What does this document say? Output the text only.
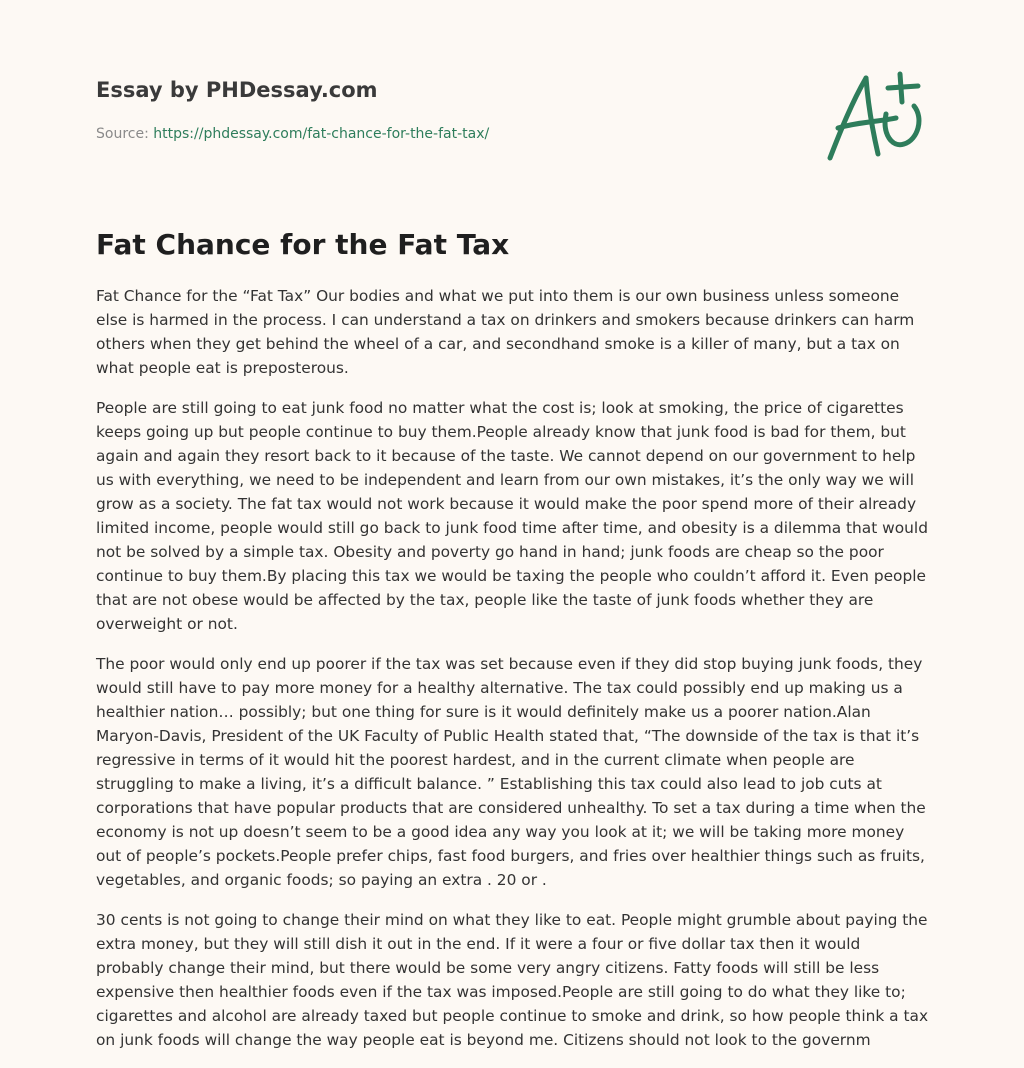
Essay by PHDessay.com
Source: https://phdessay.com/fat-chance-for-the-fat-tax/
Fat Chance for the Fat Tax

Fat Chance for the “Fat Tax” Our bodies and what we put into them is our own business unless someone else is harmed in the process. I can understand a tax on drinkers and smokers because drinkers can harm others when they get behind the wheel of a car, and secondhand smoke is a killer of many, but a tax on what people eat is preposterous.

People are still going to eat junk food no matter what the cost is; look at smoking, the price of cigarettes keeps going up but people continue to buy them.People already know that junk food is bad for them, but again and again they resort back to it because of the taste. We cannot depend on our government to help us with everything, we need to be independent and learn from our own mistakes, it’s the only way we will grow as a society. The fat tax would not work because it would make the poor spend more of their already limited income, people would still go back to junk food time after time, and obesity is a dilemma that would not be solved by a simple tax. Obesity and poverty go hand in hand; junk foods are cheap so the poor continue to buy them.By placing this tax we would be taxing the people who couldn’t afford it. Even people that are not obese would be affected by the tax, people like the taste of junk foods whether they are overweight or not.

The poor would only end up poorer if the tax was set because even if they did stop buying junk foods, they would still have to pay more money for a healthy alternative. The tax could possibly end up making us a healthier nation… possibly; but one thing for sure is it would definitely make us a poorer nation.Alan Maryon-Davis, President of the UK Faculty of Public Health stated that, “The downside of the tax is that it’s regressive in terms of it would hit the poorest hardest, and in the current climate when people are struggling to make a living, it’s a difficult balance. ” Establishing this tax could also lead to job cuts at corporations that have popular products that are considered unhealthy. To set a tax during a time when the economy is not up doesn’t seem to be a good idea any way you look at it; we will be taking more money out of people’s pockets.People prefer chips, fast food burgers, and fries over healthier things such as fruits, vegetables, and organic foods; so paying an extra . 20 or .

30 cents is not going to change their mind on what they like to eat. People might grumble about paying the extra money, but they will still dish it out in the end. If it were a four or five dollar tax then it would probably change their mind, but there would be some very angry citizens. Fatty foods will still be less expensive then healthier foods even if the tax was imposed.People are still going to do what they like to; cigarettes and alcohol are already taxed but people continue to smoke and drink, so how people think a tax on junk foods will change the way people eat is beyond me. Citizens should not look to the governm
